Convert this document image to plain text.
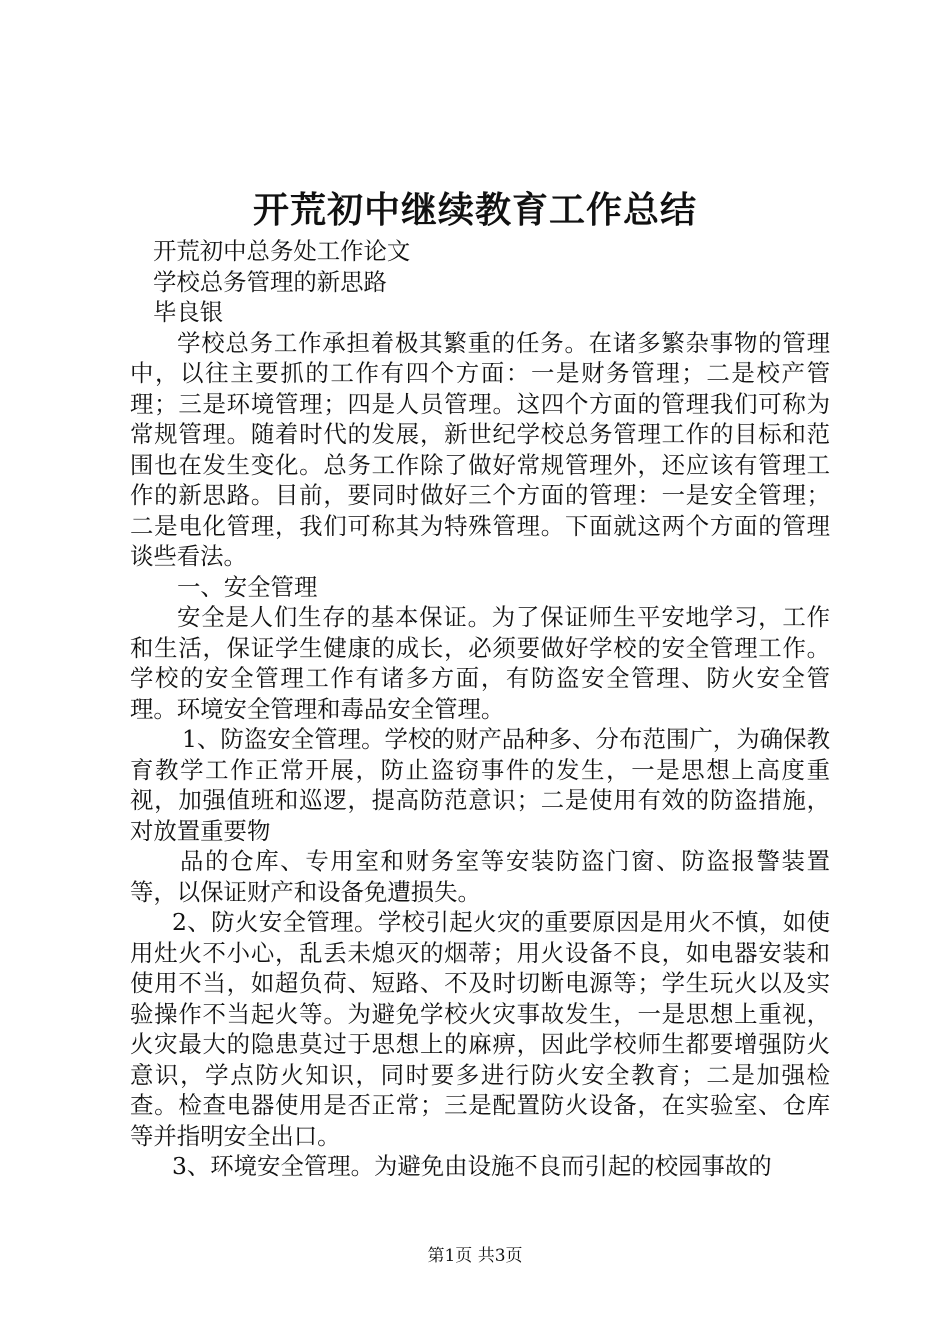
开荒初中继续教育工作总结

开荒初中总务处工作论文

学校总务管理的新思路

毕良银

学校总务工作承担着极其繁重的任务。在诸多繁杂事物的管理中，以往主要抓的工作有四个方面：一是财务管理；二是校产管理；三是环境管理；四是人员管理。这四个方面的管理我们可称为常规管理。随着时代的发展，新世纪学校总务管理工作的目标和范围也在发生变化。总务工作除了做好常规管理外，还应该有管理工作的新思路。目前，要同时做好三个方面的管理：一是安全管理；二是电化管理，我们可称其为特殊管理。下面就这两个方面的管理谈些看法。

一、安全管理

安全是人们生存的基本保证。为了保证师生平安地学习，工作和生活，保证学生健康的成长，必须要做好学校的安全管理工作。学校的安全管理工作有诸多方面，有防盗安全管理、防火安全管理。环境安全管理和毒品安全管理。

1、防盗安全管理。学校的财产品种多、分布范围广，为确保教育教学工作正常开展，防止盗窃事件的发生，一是思想上高度重视，加强值班和巡逻，提高防范意识；二是使用有效的防盗措施，对放置重要物

品的仓库、专用室和财务室等安装防盗门窗、防盗报警装置等，以保证财产和设备免遭损失。

2、防火安全管理。学校引起火灾的重要原因是用火不慎，如使用灶火不小心，乱丢未熄灭的烟蒂；用火设备不良，如电器安装和使用不当，如超负荷、短路、不及时切断电源等；学生玩火以及实验操作不当起火等。为避免学校火灾事故发生，一是思想上重视，火灾最大的隐患莫过于思想上的麻痹，因此学校师生都要增强防火意识，学点防火知识，同时要多进行防火安全教育；二是加强检查。检查电器使用是否正常；三是配置防火设备，在实验室、仓库等并指明安全出口。

3、环境安全管理。为避免由设施不良而引起的校园事故的

第1页 共3页
